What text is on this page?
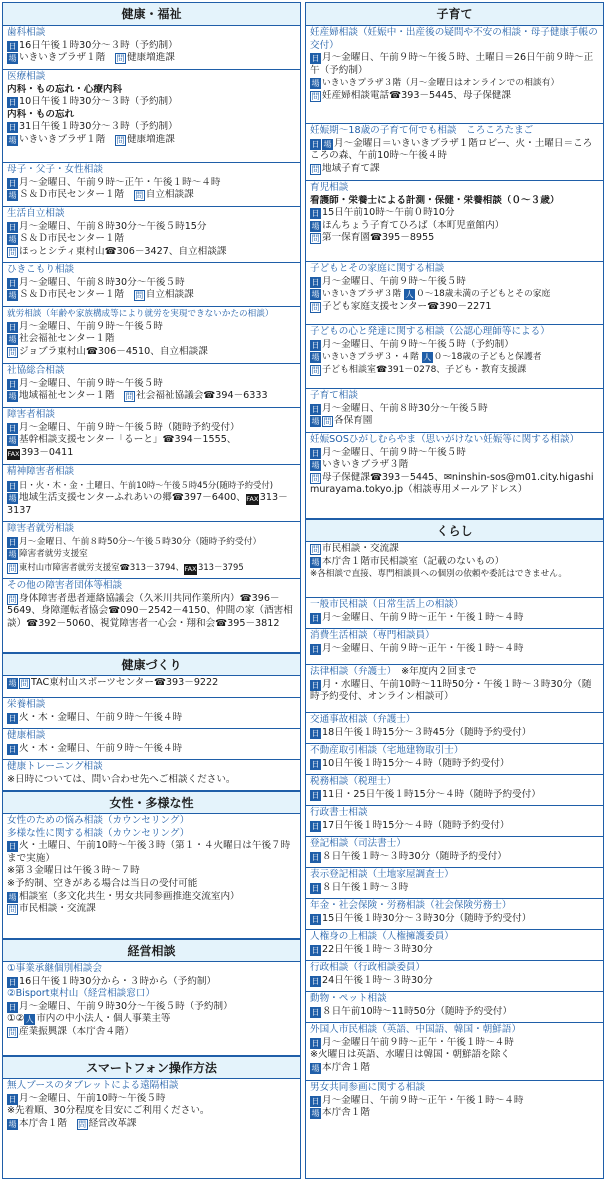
健康・福祉
歯科相談
日 16日午後１時30分～３時（予約制）
場 いきいきプラザ１階　 問 健康増進課
医療相談
内科・もの忘れ・心療内科
日 10日午後１時30分～３時（予約制）
内科・もの忘れ
日 31日午後１時30分～３時（予約制）
場 いきいきプラザ１階　 問 健康増進課
母子・父子・女性相談
日 月～金曜日、午前９時～正午・午後１時～４時
場 Ｓ＆Ｄ市民センター１階　 問 自立相談課
生活自立相談
日 月～金曜日、午前８時30分～午後５時15分
場 Ｓ＆Ｄ市民センター１階
問 ほっとシティ東村山☎306－3427、自立相談課
ひきこもり相談
日 月～金曜日、午前８時30分～午後５時
場 Ｓ＆Ｄ市民センター１階　 問 自立相談課
就労相談（年齢や家族構成等により就労を実現できないかたの相談）
日 月～金曜日、午前９時～午後５時
場 社会福祉センター１階
問 ジョブラ東村山☎306－4510、自立相談課
社協総合相談
日 月～金曜日、午前９時～午後５時
場 地域福祉センター１階　 問 社会福祉協議会☎394－6333
障害者相談
日 月～金曜日、午前９時～午後５時（随時予約受付）
場 基幹相談支援センター「るーと」☎394－1555、
FAX393－0411
精神障害者相談
日 日・火・木・金・土曜日、午前10時～午後５時45分(随時予約受付)
場 地域生活支援センターふれあいの郷☎397－6400、FAX313－3137
障害者就労相談
日 月～金曜日、午前８時50分～午後５時30分（随時予約受付）
場 障害者就労支援室
問 東村山市障害者就労支援室☎313－3794、FAX313－3795
その他の障害者団体等相談
問 身体障害者患者連絡協議会（久米川共同作業所内）☎396－5649、身障運転者協会☎090－2542－4150、仲間の家（酒害相談）☎392－5060、視覚障害者一心会・翔和会☎395－3812
健康づくり
場 問 TAC東村山スポーツセンター☎393－9222
栄養相談
日 火・木・金曜日、午前９時～午後４時
健康相談
日 火・木・金曜日、午前９時～午後４時
健康トレーニング相談
※日時については、問い合わせ先へご相談ください。
女性・多様な性
女性のための悩み相談（カウンセリング）
多様な性に関する相談（カウンセリング）
日 火・土曜日、午前10時～午後３時（第１・４火曜日は午後７時まで実施）
※第３金曜日は午後３時～７時
※予約制、空きがある場合は当日の受付可能
場 相談室（多文化共生・男女共同参画推進交流室内）
問 市民相談・交流課
経営相談
①事業承継個別相談会
日 16日午後１時30分から・３時から（予約制）
②Bisport東村山（経営相談窓口）
日 月～金曜日、午前９時30分～午後５時（予約制）
①② 人 市内の中小法人・個人事業主等
問 産業振興課（本庁舎４階）
スマートフォン操作方法
無人ブースのタブレットによる遠隔相談
日 月～金曜日、午前10時～午後５時
※先着順、30分程度を目安にご利用ください。
場 本庁舎１階　 問 経営改革課
子育て
妊産婦相談（妊娠中・出産後の疑問や不安の相談・母子健康手帳の交付）
日 月～金曜日、午前９時～午後５時、土曜日＝26日午前９時～正午（予約制）
場 いきいきプラザ３階（月～金曜日はオンラインでの相談有）
問 妊産婦相談電話☎393－5445、母子保健課
妊娠期～18歳の子育て何でも相談　ころころたまご
日 場 月～金曜日＝いきいきプラザ１階ロビー、火・土曜日＝ころころの森、午前10時～午後４時
問 地域子育て課
育児相談
看護師・栄養士による計測・保健・栄養相談（０～３歳）
日 15日午前10時～午前０時10分
場 ほんちょう子育てひろば（本町児童館内）
問 第一保育園☎395－8955
子どもとその家庭に関する相談
日 月～金曜日、午前９時～午後５時
場 いきいきプラザ３階 人 ０～18歳未満の子どもとその家庭
問 子ども家庭支援センター☎390－2271
子どもの心と発達に関する相談（公認心理師等による）
日 月～金曜日、午前９時～午後５時（予約制）
場 いきいきプラザ３・４階 人 ０～18歳の子どもと保護者
問 子ども相談室☎391－0278、子ども・教育支援課
子育て相談
日 月～金曜日、午前８時30分～午後５時
場 問 各保育園
妊娠SOSひがしむらやま（思いがけない妊娠等に関する相談）
日 月～金曜日、午前９時～午後５時
場 いきいきプラザ３階
問 母子保健課☎393－5445、✉ninshin-sos@m01.city.higashimurayama.tokyo.jp（相談専用メールアドレス）
くらし
問 市民相談・交流課
場 本庁舎１階市民相談室（記載のないもの）
※各相談で直接、専門相談員への個別の依頼や委託はできません。
一般市民相談（日常生活上の相談）
日 月～金曜日、午前９時～正午・午後１時～４時
消費生活相談（専門相談員）
日 月～金曜日、午前９時～正午・午後１時～４時
法律相談（弁護士）　 ※年度内２回まで
日 月・水曜日、午前10時～11時50分・午後１時～３時30分（随時予約受付、オンライン相談可）
交通事故相談（弁護士）
日 18日午後１時15分～３時45分（随時予約受付）
不動産取引相談（宅地建物取引士）
日 10日午後１時15分～４時（随時予約受付）
税務相談（税理士）
日 11日・25日午後１時15分～４時（随時予約受付）
行政書士相談
日 17日午後１時15分～４時（随時予約受付）
登記相談（司法書士）
日 ８日午後１時～３時30分（随時予約受付）
表示登記相談（土地家屋調査士）
日 ８日午後１時～３時
年金・社会保険・労務相談（社会保険労務士）
日 15日午後１時30分～３時30分（随時予約受付）
人権身の上相談（人権擁護委員）
日 22日午後１時～３時30分
行政相談（行政相談委員）
日 24日午後１時～３時30分
動物・ペット相談
日 ８日午前10時～11時50分（随時予約受付）
外国人市民相談（英語、中国語、韓国・朝鮮語）
日 月～金曜日午前９時～正午・午後１時～４時
※火曜日は英語、水曜日は韓国・朝鮮語を除く
場 本庁舎１階
男女共同参画に関する相談
日 月～金曜日、午前９時～正午・午後１時～４時
場 本庁舎１階
